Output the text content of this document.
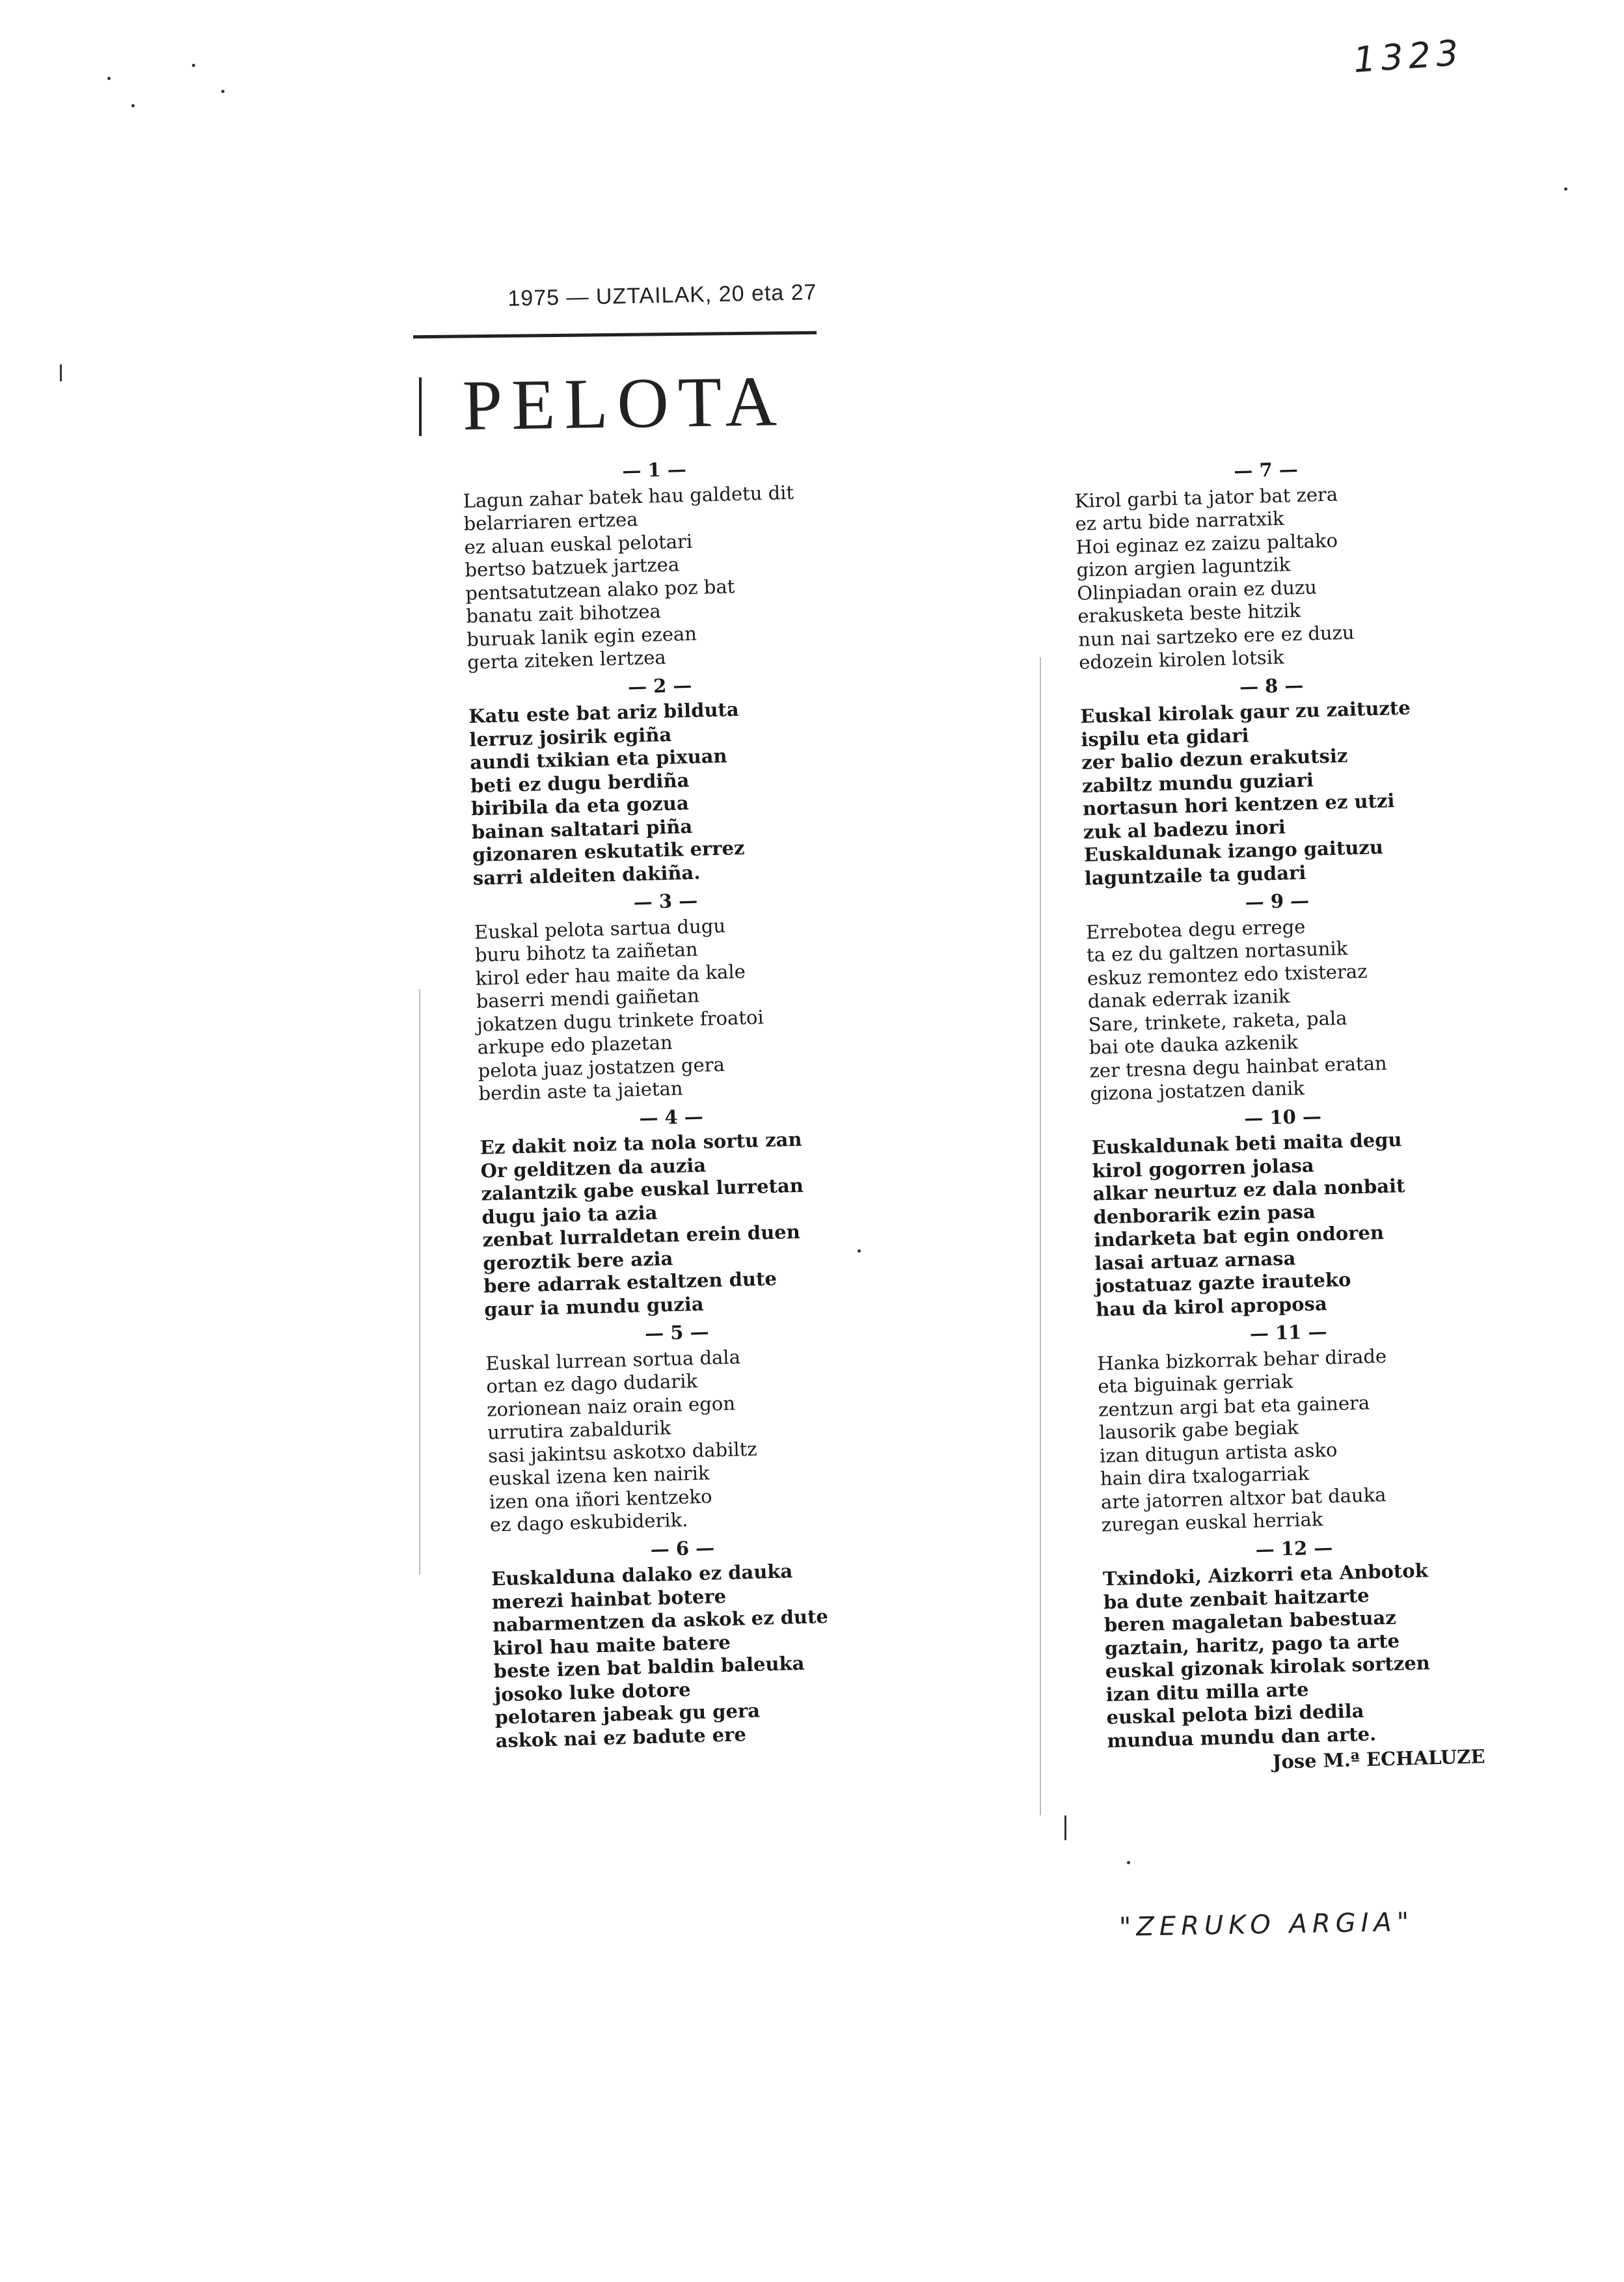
1323
1975 — UZTAILAK, 20 eta 27
PELOTA
— 1 —
Lagun zahar batek hau galdetu dit
belarriaren ertzea
ez aluan euskal pelotari
bertso batzuek jartzea
pentsatutzean alako poz bat
banatu zait bihotzea
buruak lanik egin ezean
gerta ziteken lertzea
— 2 —
Katu este bat ariz bilduta
lerruz josirik egiña
aundi txikian eta pixuan
beti ez dugu berdiña
biribila da eta gozua
bainan saltatari piña
gizonaren eskutatik errez
sarri aldeiten dakiña.
— 3 —
Euskal pelota sartua dugu
buru bihotz ta zaiñetan
kirol eder hau maite da kale
baserri mendi gaiñetan
jokatzen dugu trinkete froatoi
arkupe edo plazetan
pelota juaz jostatzen gera
berdin aste ta jaietan
— 4 —
Ez dakit noiz ta nola sortu zan
Or gelditzen da auzia
zalantzik gabe euskal lurretan
dugu jaio ta azia
zenbat lurraldetan erein duen
geroztik bere azia
bere adarrak estaltzen dute
gaur ia mundu guzia
— 5 —
Euskal lurrean sortua dala
ortan ez dago dudarik
zorionean naiz orain egon
urrutira zabaldurik
sasi jakintsu askotxo dabiltz
euskal izena ken nairik
izen ona iñori kentzeko
ez dago eskubiderik.
— 6 —
Euskalduna dalako ez dauka
merezi hainbat botere
nabarmentzen da askok ez dute
kirol hau maite batere
beste izen bat baldin baleuka
josoko luke dotore
pelotaren jabeak gu gera
askok nai ez badute ere
— 7 —
Kirol garbi ta jator bat zera
ez artu bide narratxik
Hoi eginaz ez zaizu paltako
gizon argien laguntzik
Olinpiadan orain ez duzu
erakusketa beste hitzik
nun nai sartzeko ere ez duzu
edozein kirolen lotsik
— 8 —
Euskal kirolak gaur zu zaituzte
ispilu eta gidari
zer balio dezun erakutsiz
zabiltz mundu guziari
nortasun hori kentzen ez utzi
zuk al badezu inori
Euskaldunak izango gaituzu
laguntzaile ta gudari
— 9 —
Errebotea degu errege
ta ez du galtzen nortasunik
eskuz remontez edo txisteraz
danak ederrak izanik
Sare, trinkete, raketa, pala
bai ote dauka azkenik
zer tresna degu hainbat eratan
gizona jostatzen danik
— 10 —
Euskaldunak beti maita degu
kirol gogorren jolasa
alkar neurtuz ez dala nonbait
denborarik ezin pasa
indarketa bat egin ondoren
lasai artuaz arnasa
jostatuaz gazte irauteko
hau da kirol aproposa
— 11 —
Hanka bizkorrak behar dirade
eta biguinak gerriak
zentzun argi bat eta gainera
lausorik gabe begiak
izan ditugun artista asko
hain dira txalogarriak
arte jatorren altxor bat dauka
zuregan euskal herriak
— 12 —
Txindoki, Aizkorri eta Anbotok
ba dute zenbait haitzarte
beren magaletan babestuaz
gaztain, haritz, pago ta arte
euskal gizonak kirolak sortzen
izan ditu milla arte
euskal pelota bizi dedila
mundua mundu dan arte.
Jose M.ª ECHALUZE
"ZERUKO ARGIA"
